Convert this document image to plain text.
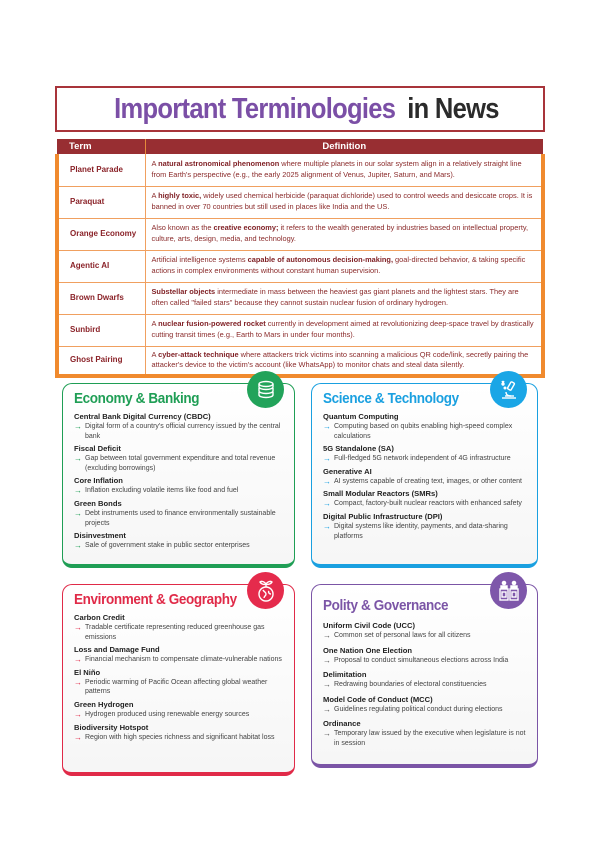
Important Terminologies in News
Term	Definition
Planet Parade	A natural astronomical phenomenon where multiple planets in our solar system align in a relatively straight line from Earth's perspective (e.g., the early 2025 alignment of Venus, Jupiter, Saturn, and Mars).
Paraquat	A highly toxic, widely used chemical herbicide (paraquat dichloride) used to control weeds and desiccate crops. It is banned in over 70 countries but still used in places like India and the US.
Orange Economy	Also known as the creative economy; it refers to the wealth generated by industries based on intellectual property, culture, arts, design, media, and technology.
Agentic AI	Artificial intelligence systems capable of autonomous decision-making, goal-directed behavior, & taking specific actions in complex environments without constant human supervision.
Brown Dwarfs	Substellar objects intermediate in mass between the heaviest gas giant planets and the lightest stars. They are often called "failed stars" because they cannot sustain nuclear fusion of ordinary hydrogen.
Sunbird	A nuclear fusion-powered rocket currently in development aimed at revolutionizing deep-space travel by drastically cutting transit times (e.g., Earth to Mars in under four months).
Ghost Pairing	A cyber-attack technique where attackers trick victims into scanning a malicious QR code/link, secretly pairing the attacker's device to the victim's account (like WhatsApp) to monitor chats and steal data silently.
Economy & Banking
Central Bank Digital Currency (CBDC)
→ Digital form of a country's official currency issued by the central bank
Fiscal Deficit
→ Gap between total government expenditure and total revenue (excluding borrowings)
Core Inflation
→ Inflation excluding volatile items like food and fuel
Green Bonds
→ Debt instruments used to finance environmentally sustainable projects
Disinvestment
→ Sale of government stake in public sector enterprises
Science & Technology
Quantum Computing
→ Computing based on qubits enabling high-speed complex calculations
5G Standalone (SA)
→ Full-fledged 5G network independent of 4G infrastructure
Generative AI
→ AI systems capable of creating text, images, or other content
Small Modular Reactors (SMRs)
→ Compact, factory-built nuclear reactors with enhanced safety
Digital Public Infrastructure (DPI)
→ Digital systems like identity, payments, and data-sharing platforms
Environment & Geography
Carbon Credit
→ Tradable certificate representing reduced greenhouse gas emissions
Loss and Damage Fund
→ Financial mechanism to compensate climate-vulnerable nations
El Niño
→ Periodic warming of Pacific Ocean affecting global weather patterns
Green Hydrogen
→ Hydrogen produced using renewable energy sources
Biodiversity Hotspot
→ Region with high species richness and significant habitat loss
Polity & Governance
Uniform Civil Code (UCC)
→ Common set of personal laws for all citizens
One Nation One Election
→ Proposal to conduct simultaneous elections across India
Delimitation
→ Redrawing boundaries of electoral constituencies
Model Code of Conduct (MCC)
→ Guidelines regulating political conduct during elections
Ordinance
→ Temporary law issued by the executive when legislature is not in session
